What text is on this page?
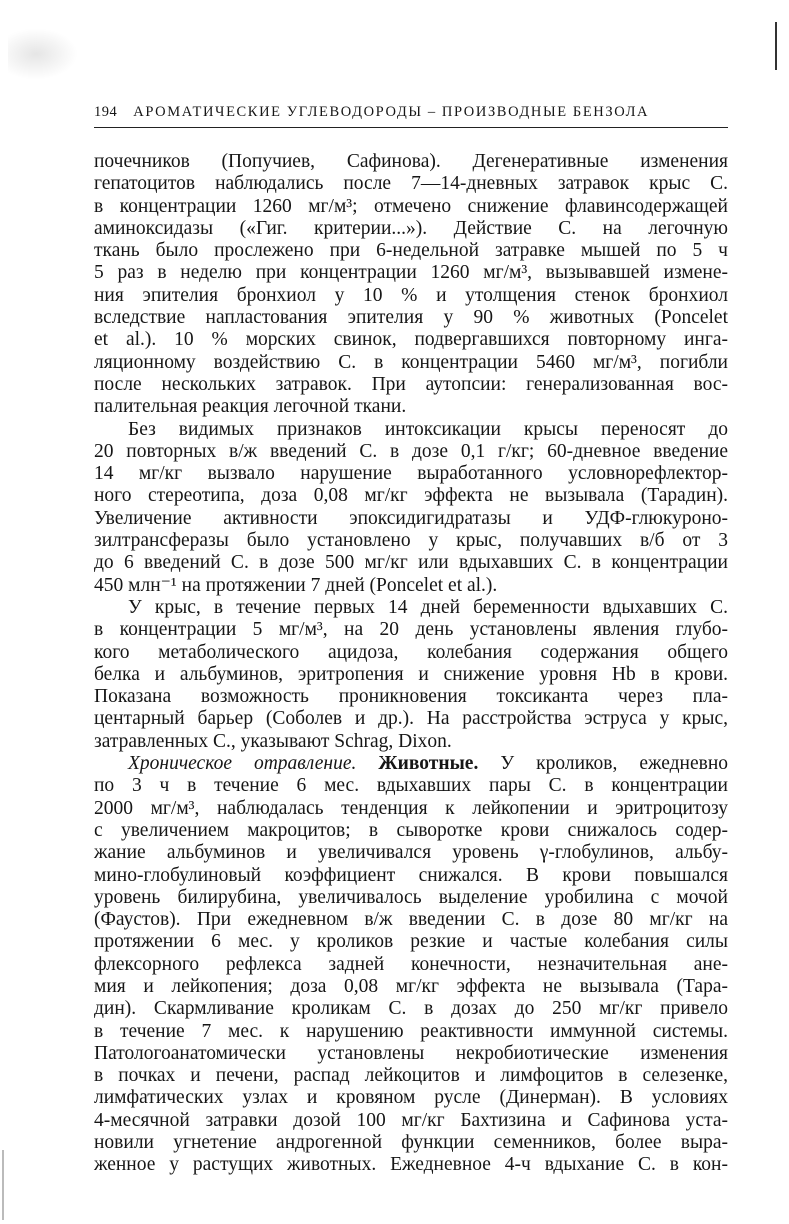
194 АРОМАТИЧЕСКИЕ УГЛЕВОДОРОДЫ – ПРОИЗВОДНЫЕ БЕНЗОЛА

почечников (Попучиев, Сафинова). Дегенеративные изменения

гепатоцитов наблюдались после 7—14-дневных затравок крыс С.

в концентрации 1260 мг/м³; отмечено снижение флавинсодержащей

аминоксидазы («Гиг. критерии...»). Действие С. на легочную

ткань было прослежено при 6-недельной затравке мышей по 5 ч

5 раз в неделю при концентрации 1260 мг/м³, вызывавшей измене-

ния эпителия бронхиол у 10 % и утолщения стенок бронхиол

вследствие напластования эпителия у 90 % животных (Poncelet

et al.). 10 % морских свинок, подвергавшихся повторному инга-

ляционному воздействию С. в концентрации 5460 мг/м³, погибли

после нескольких затравок. При аутопсии: генерализованная вос-

палительная реакция легочной ткани.

Без видимых признаков интоксикации крысы переносят до

20 повторных в/ж введений С. в дозе 0,1 г/кг; 60-дневное введение

14 мг/кг вызвало нарушение выработанного условнорефлектор-

ного стереотипа, доза 0,08 мг/кг эффекта не вызывала (Тарадин).

Увеличение активности эпоксидигидратазы и УДФ-глюкуроно-

зилтрансферазы было установлено у крыс, получавших в/б от 3

до 6 введений С. в дозе 500 мг/кг или вдыхавших С. в концентрации

450 млн⁻¹ на протяжении 7 дней (Poncelet et al.).

У крыс, в течение первых 14 дней беременности вдыхавших С.

в концентрации 5 мг/м³, на 20 день установлены явления глубо-

кого метаболического ацидоза, колебания содержания общего

белка и альбуминов, эритропения и снижение уровня Hb в крови.

Показана возможность проникновения токсиканта через пла-

центарный барьер (Соболев и др.). На расстройства эструса у крыс,

затравленных С., указывают Schrag, Dixon.

Хроническое отравление. Животные. У кроликов, ежедневно

по 3 ч в течение 6 мес. вдыхавших пары С. в концентрации

2000 мг/м³, наблюдалась тенденция к лейкопении и эритроцитозу

с увеличением макроцитов; в сыворотке крови снижалось содер-

жание альбуминов и увеличивался уровень γ-глобулинов, альбу-

мино-глобулиновый коэффициент снижался. В крови повышался

уровень билирубина, увеличивалось выделение уробилина с мочой

(Фаустов). При ежедневном в/ж введении С. в дозе 80 мг/кг на

протяжении 6 мес. у кроликов резкие и частые колебания силы

флексорного рефлекса задней конечности, незначительная ане-

мия и лейкопения; доза 0,08 мг/кг эффекта не вызывала (Тара-

дин). Скармливание кроликам С. в дозах до 250 мг/кг привело

в течение 7 мес. к нарушению реактивности иммунной системы.

Патологоанатомически установлены некробиотические изменения

в почках и печени, распад лейкоцитов и лимфоцитов в селезенке,

лимфатических узлах и кровяном русле (Динерман). В условиях

4-месячной затравки дозой 100 мг/кг Бахтизина и Сафинова уста-

новили угнетение андрогенной функции семенников, более выра-

женное у растущих животных. Ежедневное 4-ч вдыхание С. в кон-
